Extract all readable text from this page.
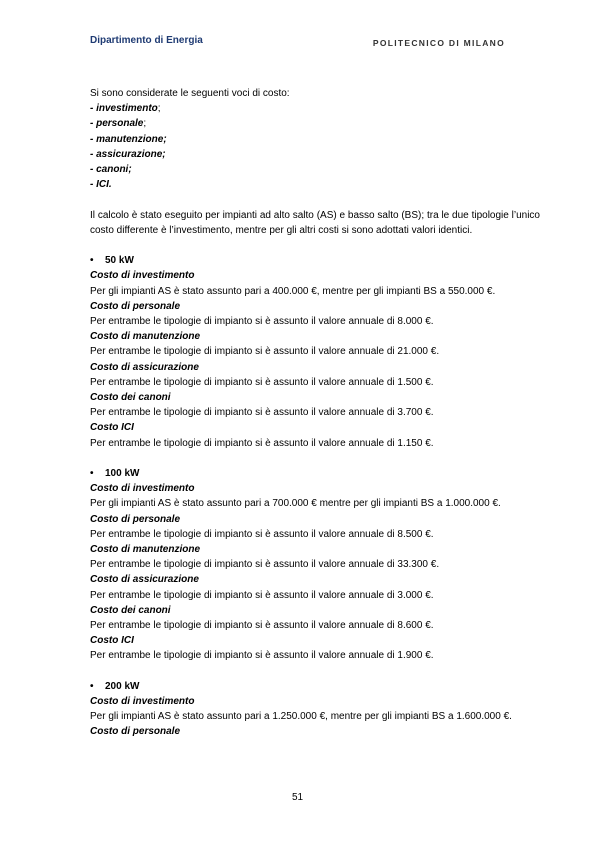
Dipartimento di Energia	POLITECNICO DI MILANO

Si sono considerate le seguenti voci di costo:

- investimento;

- personale;

- manutenzione;

- assicurazione;

- canoni;

- ICI.

Il calcolo è stato eseguito per impianti ad alto salto (AS) e basso salto (BS); tra le due tipologie l’unico costo differente è l’investimento, mentre per gli altri costi si sono adottati valori identici.

• 50 kW

Costo di investimento

Per gli impianti AS è stato assunto pari a 400.000 €, mentre per gli impianti BS a 550.000 €.

Costo di personale

Per entrambe le tipologie di impianto si è assunto il valore annuale di 8.000 €.

Costo di manutenzione

Per entrambe le tipologie di impianto si è assunto il valore annuale di 21.000 €.

Costo di assicurazione

Per entrambe le tipologie di impianto si è assunto il valore annuale di 1.500 €.

Costo dei canoni

Per entrambe le tipologie di impianto si è assunto il valore annuale di 3.700 €.

Costo ICI

Per entrambe le tipologie di impianto si è assunto il valore annuale di 1.150 €.

• 100 kW

Costo di investimento

Per gli impianti AS è stato assunto pari a 700.000 € mentre per gli impianti BS a 1.000.000 €.

Costo di personale

Per entrambe le tipologie di impianto si è assunto il valore annuale di 8.500 €.

Costo di manutenzione

Per entrambe le tipologie di impianto si è assunto il valore annuale di 33.300 €.

Costo di assicurazione

Per entrambe le tipologie di impianto si è assunto il valore annuale di 3.000 €.

Costo dei canoni

Per entrambe le tipologie di impianto si è assunto il valore annuale di 8.600 €.

Costo ICI

Per entrambe le tipologie di impianto si è assunto il valore annuale di 1.900 €.

• 200 kW

Costo di investimento

Per gli impianti AS è stato assunto pari a 1.250.000 €, mentre per gli impianti BS a 1.600.000 €.

Costo di personale

51
